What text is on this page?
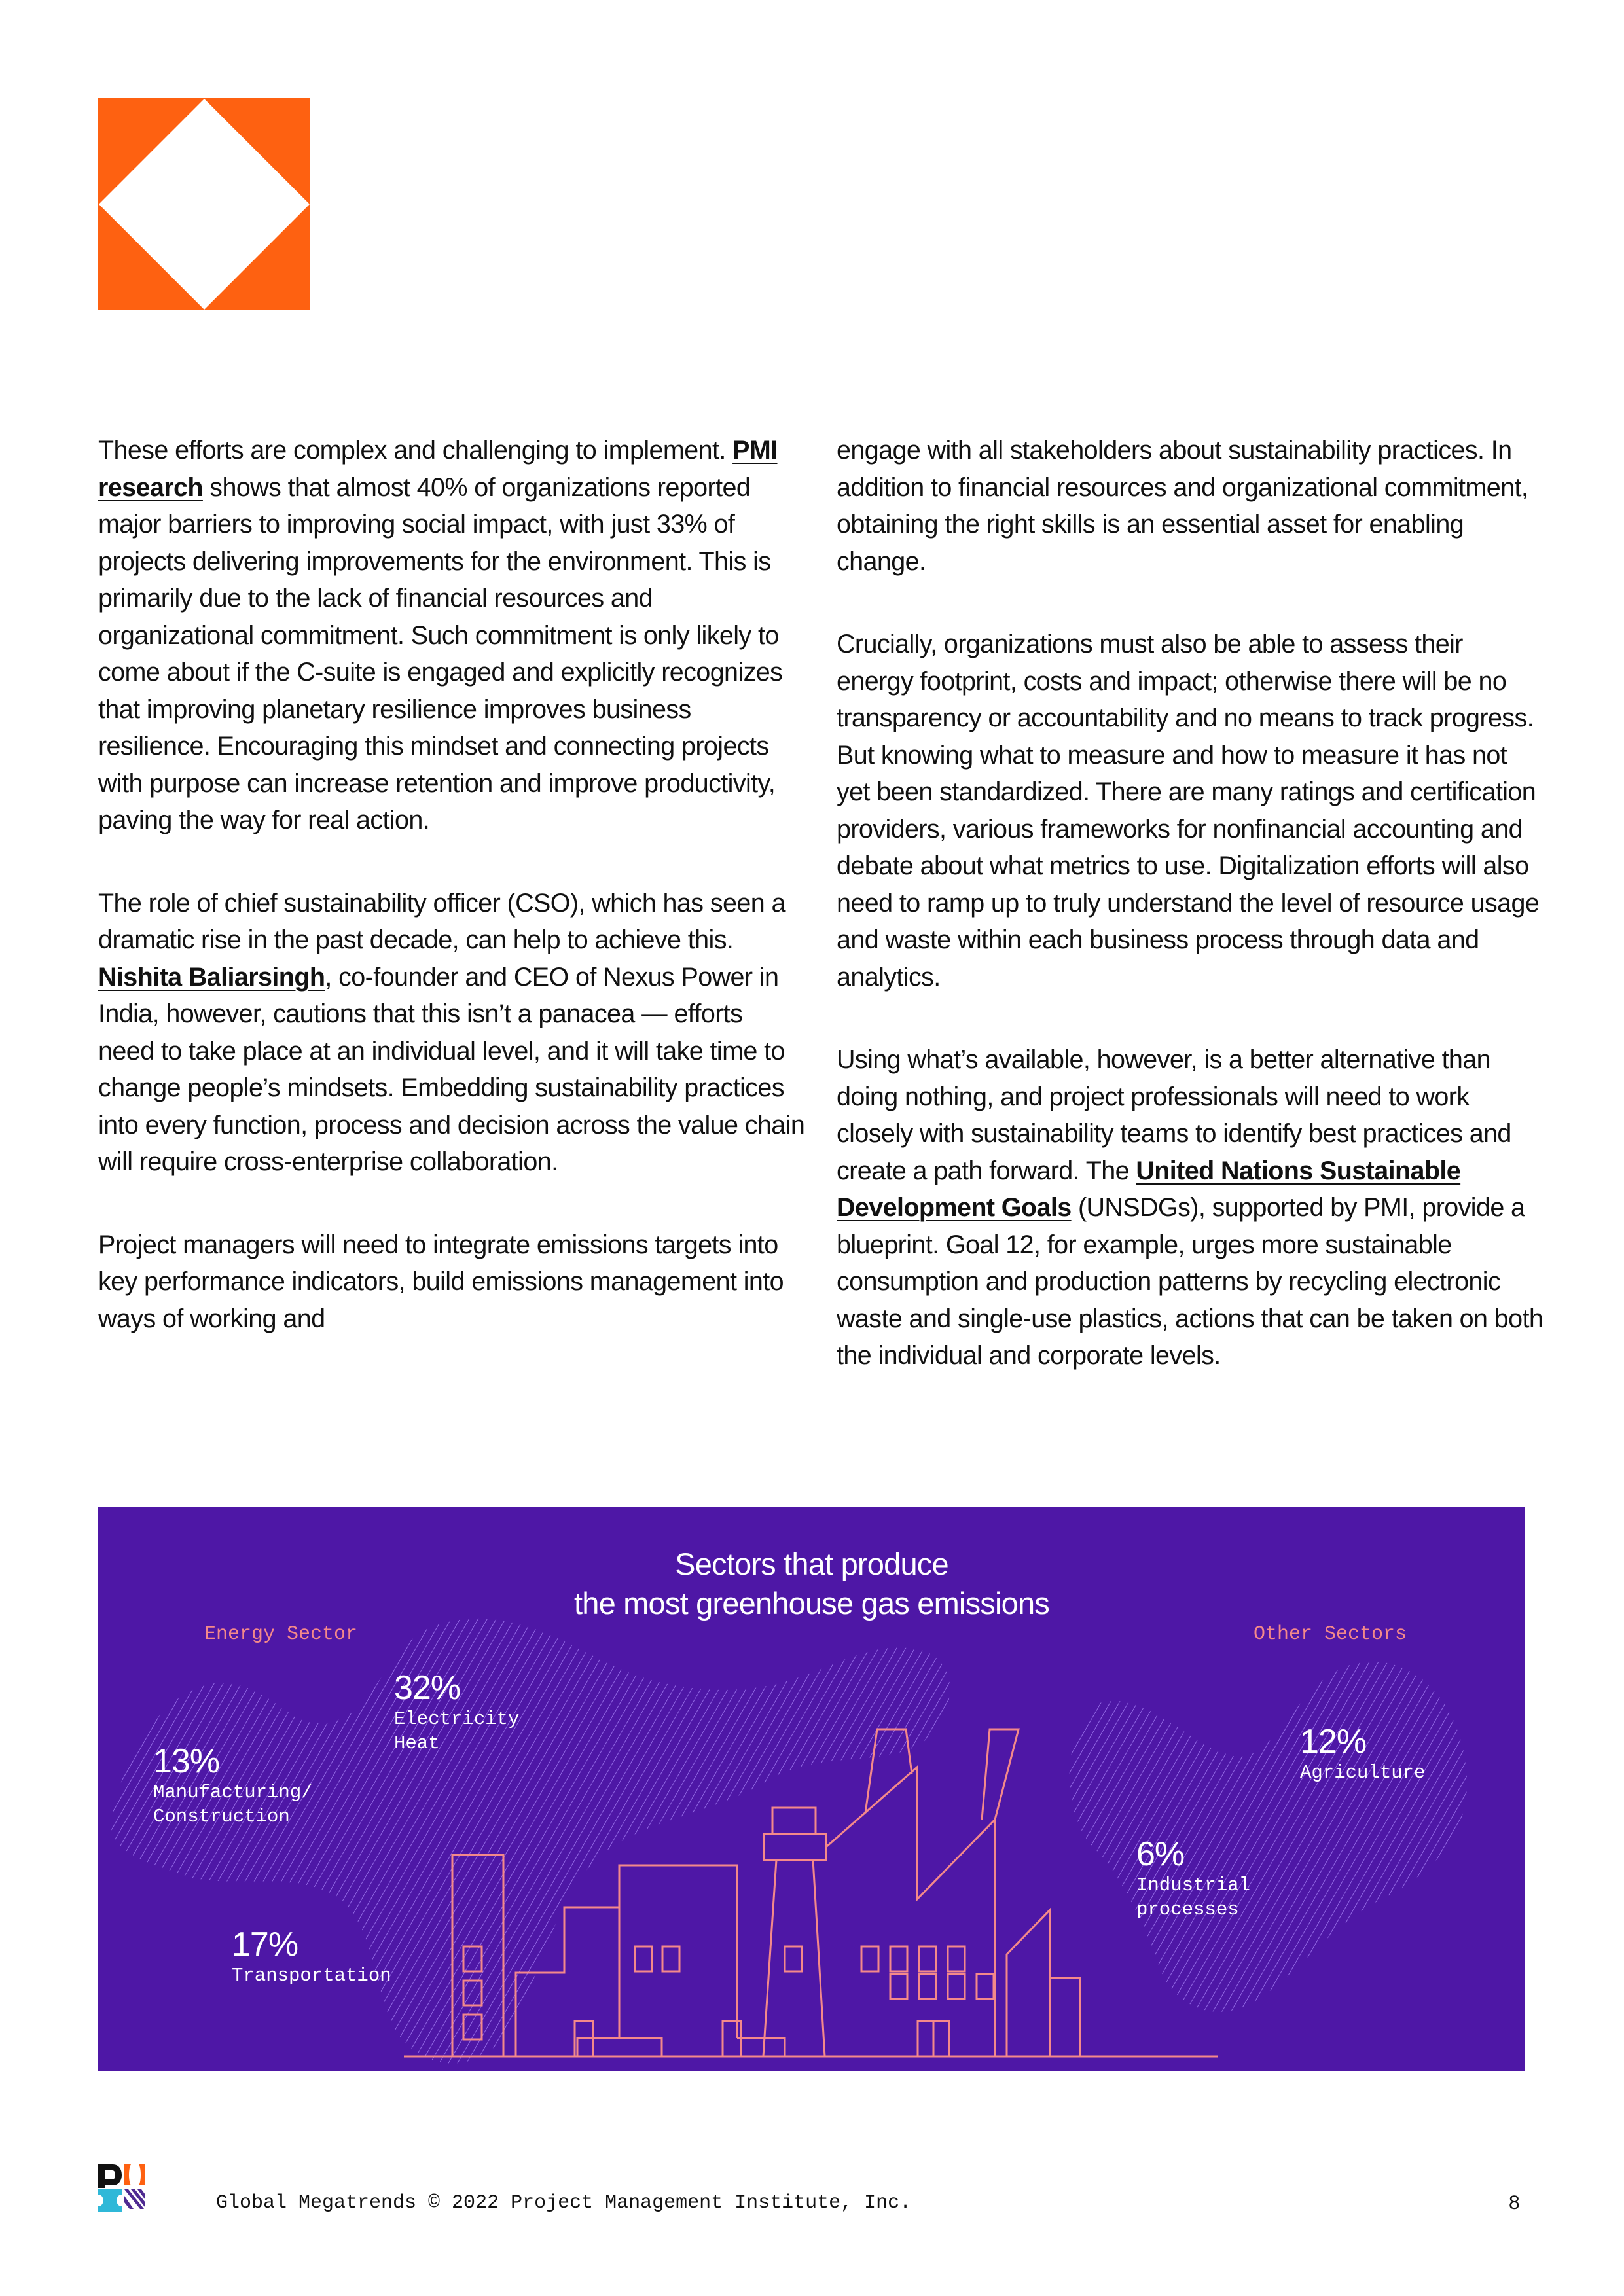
These efforts are complex and challenging to implement. PMI research shows that almost 40% of organizations reported major barriers to improving social impact, with just 33% of projects delivering improvements for the environment. This is primarily due to the lack of financial resources and organizational commitment. Such commitment is only likely to come about if the C-suite is engaged and explicitly recognizes that improving planetary resilience improves business resilience. Encouraging this mindset and connecting projects with purpose can increase retention and improve productivity, paving the way for real action.

The role of chief sustainability officer (CSO), which has seen a dramatic rise in the past decade, can help to achieve this. Nishita Baliarsingh, co-founder and CEO of Nexus Power in India, however, cautions that this isn’t a panacea — efforts need to take place at an individual level, and it will take time to change people’s mindsets. Embedding sustainability practices into every function, process and decision across the value chain will require cross-enterprise collaboration.

Project managers will need to integrate emissions targets into key performance indicators, build emissions management into ways of working and

engage with all stakeholders about sustainability practices. In addition to financial resources and organizational commitment, obtaining the right skills is an essential asset for enabling change.

Crucially, organizations must also be able to assess their energy footprint, costs and impact; otherwise there will be no transparency or accountability and no means to track progress. But knowing what to measure and how to measure it has not yet been standardized. There are many ratings and certification providers, various frameworks for nonfinancial accounting and debate about what metrics to use. Digitalization efforts will also need to ramp up to truly understand the level of resource usage and waste within each business process through data and analytics.

Using what’s available, however, is a better alternative than doing nothing, and project professionals will need to work closely with sustainability teams to identify best practices and create a path forward. The United Nations Sustainable Development Goals (UNSDGs), supported by PMI, provide a blueprint. Goal 12, for example, urges more sustainable consumption and production patterns by recycling electronic waste and single-use plastics, actions that can be taken on both the individual and corporate levels.

Sectors that produce
the most greenhouse gas emissions
Energy Sector	Other Sectors
32%
Electricity
Heat
13%
Manufacturing/
Construction
17%
Transportation
12%
Agriculture
6%
Industrial
processes
Global Megatrends © 2022 Project Management Institute, Inc.	8
